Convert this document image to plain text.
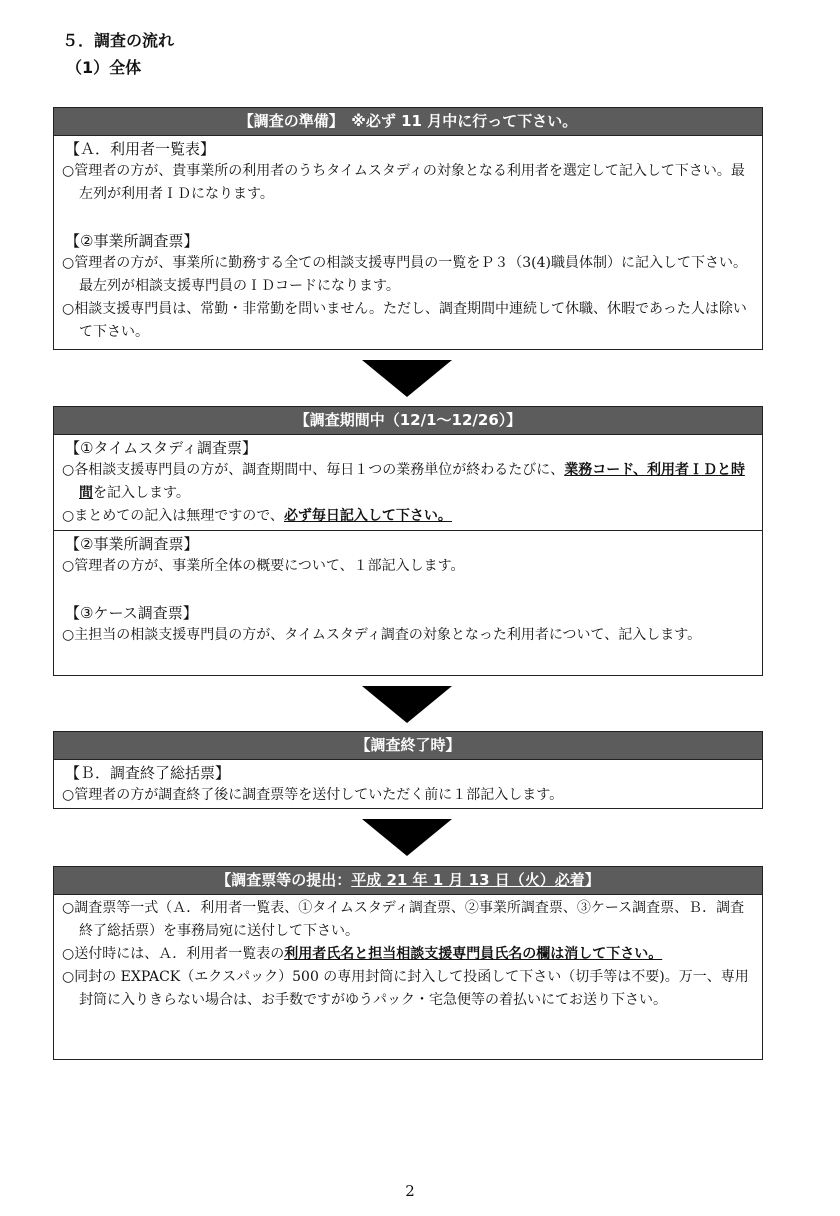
５．調査の流れ
（1）全体
【調査の準備】　※必ず 11 月中に行って下さい。
【Ａ．利用者一覧表】
○管理者の方が、貴事業所の利用者のうちタイムスタディの対象となる利用者を選定して記入して下さい。最左列が利用者ＩＤになります。
【②事業所調査票】
○管理者の方が、事業所に勤務する全ての相談支援専門員の一覧をＰ３（3(4)職員体制）に記入して下さい。最左列が相談支援専門員のＩＤコードになります。
○相談支援専門員は、常勤・非常勤を問いません。ただし、調査期間中連続して休職、休暇であった人は除いて下さい。
【調査期間中（12/1～12/26）】
【①タイムスタディ調査票】
○各相談支援専門員の方が、調査期間中、毎日１つの業務単位が終わるたびに、業務コード、利用者ＩＤと時間を記入します。
○まとめての記入は無理ですので、必ず毎日記入して下さい。
【②事業所調査票】
○管理者の方が、事業所全体の概要について、１部記入します。
【③ケース調査票】
○主担当の相談支援専門員の方が、タイムスタディ調査の対象となった利用者について、記入します。
【調査終了時】
【Ｂ．調査終了総括票】
○管理者の方が調査終了後に調査票等を送付していただく前に１部記入します。
【調査票等の提出：平成 21 年 1 月 13 日（火）必着】
○調査票等一式（Ａ．利用者一覧表、①タイムスタディ調査票、②事業所調査票、③ケース調査票、Ｂ．調査終了総括票）を事務局宛に送付して下さい。
○送付時には、Ａ．利用者一覧表の利用者氏名と担当相談支援専門員氏名の欄は消して下さい。
○同封の EXPACK（エクスパック）500 の専用封筒に封入して投函して下さい（切手等は不要)。万一、専用封筒に入りきらない場合は、お手数ですがゆうパック・宅急便等の着払いにてお送り下さい。
2
